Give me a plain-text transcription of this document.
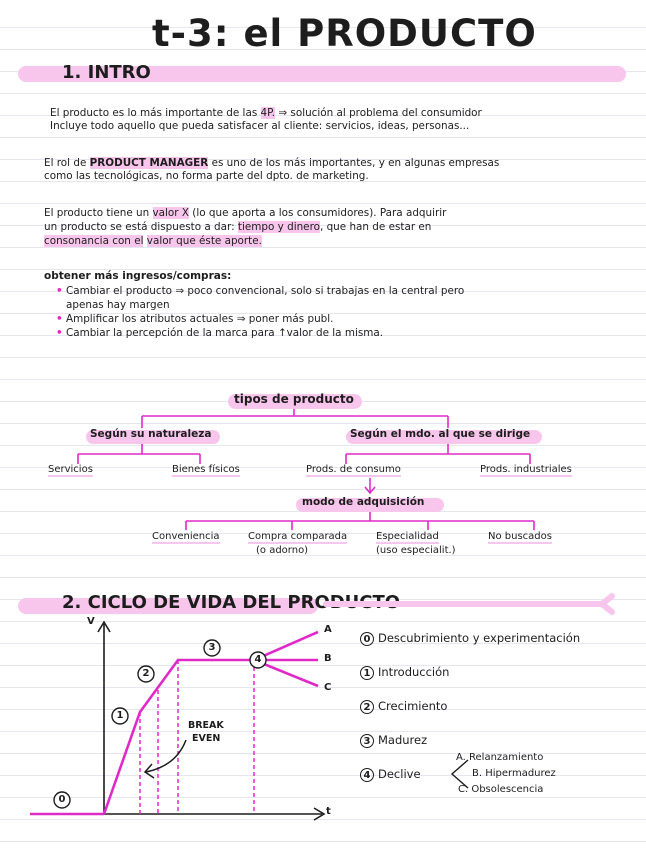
t-3: el PRODUCTO
1. INTRO
El producto es lo más importante de las 4P. ⇒ solución al problema del consumidor
Incluye todo aquello que pueda satisfacer al cliente: servicios, ideas, personas...
El rol de PRODUCT MANAGER es uno de los más importantes, y en algunas empresas
como las tecnológicas, no forma parte del dpto. de marketing.
El producto tiene un valor X (lo que aporta a los consumidores). Para adquirir
un producto se está dispuesto a dar: tiempo y dinero, que han de estar en
consonancia con el valor que éste aporte.
obtener más ingresos/compras:
• Cambiar el producto ⇒ poco convencional, solo si trabajas en la central pero
apenas hay margen
• Amplificar los atributos actuales ⇒ poner más publ.
• Cambiar la percepción de la marca para ↑valor de la misma.
tipos de producto
Según su naturaleza	Según el mdo. al que se dirige
Servicios	Bienes físicos	Prods. de consumo	Prods. industriales
modo de adquisición
Conveniencia	Compra comparada
(o adorno)
Especialidad
(uso especialit.)
No buscados
2. CICLO DE VIDA DEL PRODUCTO
V
t
0
1
2
3
4
A
B
C
BREAK
EVEN
0 Descubrimiento y experimentación
1 Introducción
2 Crecimiento
3 Madurez
4 Declive
A. Relanzamiento
B. Hipermadurez
C. Obsolescencia
